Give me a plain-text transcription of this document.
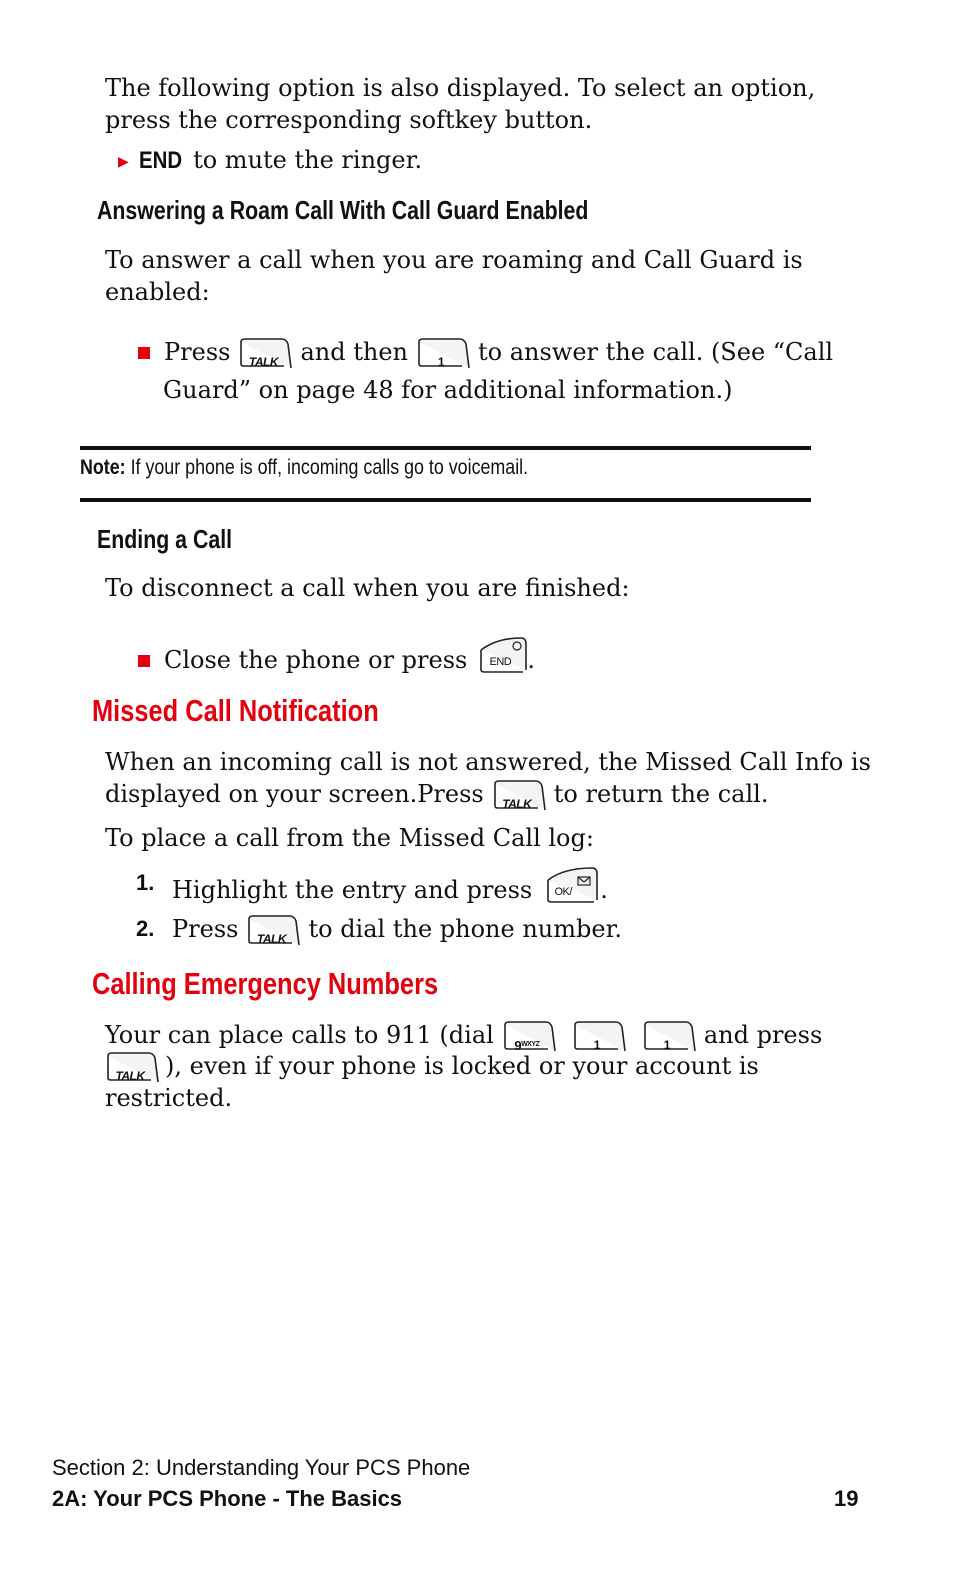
The following option is also displayed. To select an option,

press the corresponding softkey button.

▶ END to mute the ringer.

Answering a Roam Call With Call Guard Enabled

To answer a call when you are roaming and Call Guard is

enabled:

Press	TALK and then	1	to answer the call. (See “Call

Guard” on page 48 for additional information.)

Note: If your phone is off, incoming calls go to voicemail.
Ending a Call

To disconnect a call when you are finished:

Close the phone or press	END .

Missed Call Notification

When an incoming call is not answered, the Missed Call Info is

displayed on your screen.Press	TALK to return the call.

To place a call from the Missed Call log:

1. Highlight the entry and press	OK/	.

2. Press	TALK to dial the phone number.

Calling Emergency Numbers

Your can place calls to 911 (dial	$9^{WXYZ}$	1	1	and press

TALK ), even if your phone is locked or your account is

restricted.

Section 2: Understanding Your PCS Phone
2A: Your PCS Phone - The Basics	19
